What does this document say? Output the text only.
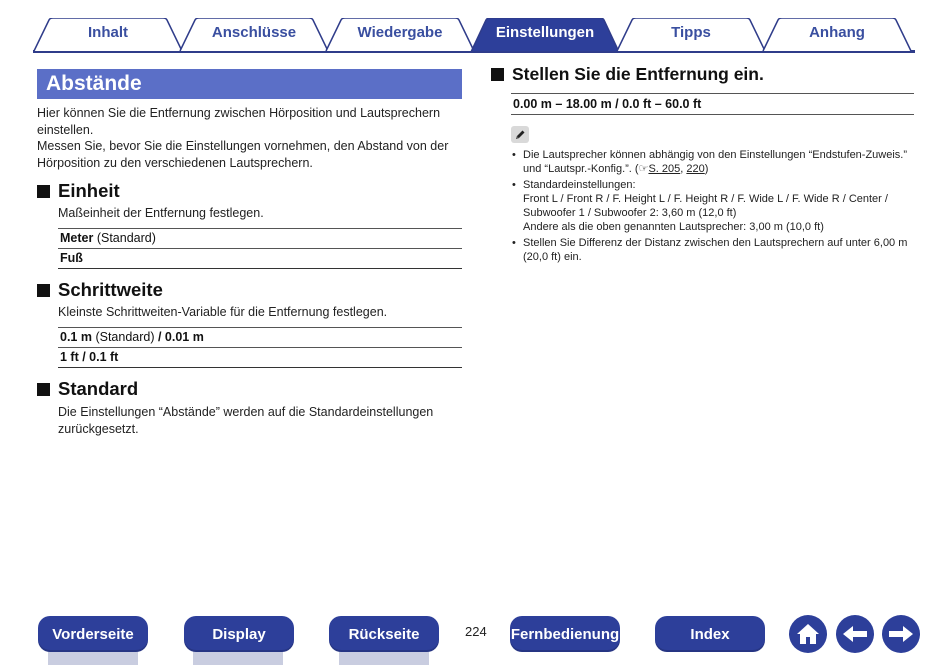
Inhalt	Anschlüsse	Wiedergabe	Einstellungen	Tipps	Anhang
Abstände
Hier können Sie die Entfernung zwischen Hörposition und Lautsprechern einstellen.
Messen Sie, bevor Sie die Einstellungen vornehmen, den Abstand von der Hörposition zu den verschiedenen Lautsprechern.
Einheit
Maßeinheit der Entfernung festlegen.
Meter (Standard)
Fuß
Schrittweite
Kleinste Schrittweiten-Variable für die Entfernung festlegen.
0.1 m (Standard) / 0.01 m
1 ft / 0.1 ft
Standard
Die Einstellungen “Abstände” werden auf die Standardeinstellungen zurückgesetzt.
Stellen Sie die Entfernung ein.
0.00 m – 18.00 m / 0.0 ft – 60.0 ft
• Die Lautsprecher können abhängig von den Einstellungen “Endstufen-Zuweis.” und “Lautspr.-Konfig.”. (☞S. 205, 220)
• Standardeinstellungen:
Front L / Front R / F. Height L / F. Height R / F. Wide L / F. Wide R / Center / Subwoofer 1 / Subwoofer 2: 3,60 m (12,0 ft)
Andere als die oben genannten Lautsprecher: 3,00 m (10,0 ft)
• Stellen Sie Differenz der Distanz zwischen den Lautsprechern auf unter 6,00 m (20,0 ft) ein.
Vorderseite	Display	Rückseite	224 Fernbedienung	Index
